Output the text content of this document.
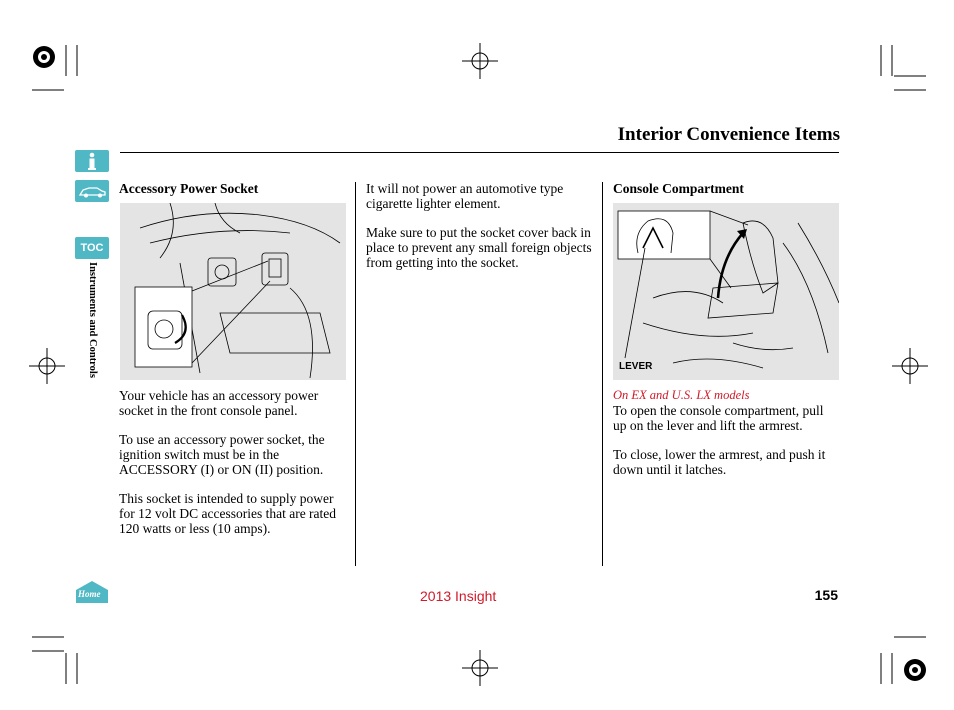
Interior Convenience Items
TOC
Instruments and Controls
Home
Accessory Power Socket

Your vehicle has an accessory power socket in the front console panel.

To use an accessory power socket, the ignition switch must be in the ACCESSORY (I) or ON (II) position.

This socket is intended to supply power for 12 volt DC accessories that are rated 120 watts or less (10 amps).

It will not power an automotive type cigarette lighter element.

Make sure to put the socket cover back in place to prevent any small foreign objects from getting into the socket.

Console Compartment
LEVER
On EX and U.S. LX models

To open the console compartment, pull up on the lever and lift the armrest.

To close, lower the armrest, and push it down until it latches.

2013 Insight	155
